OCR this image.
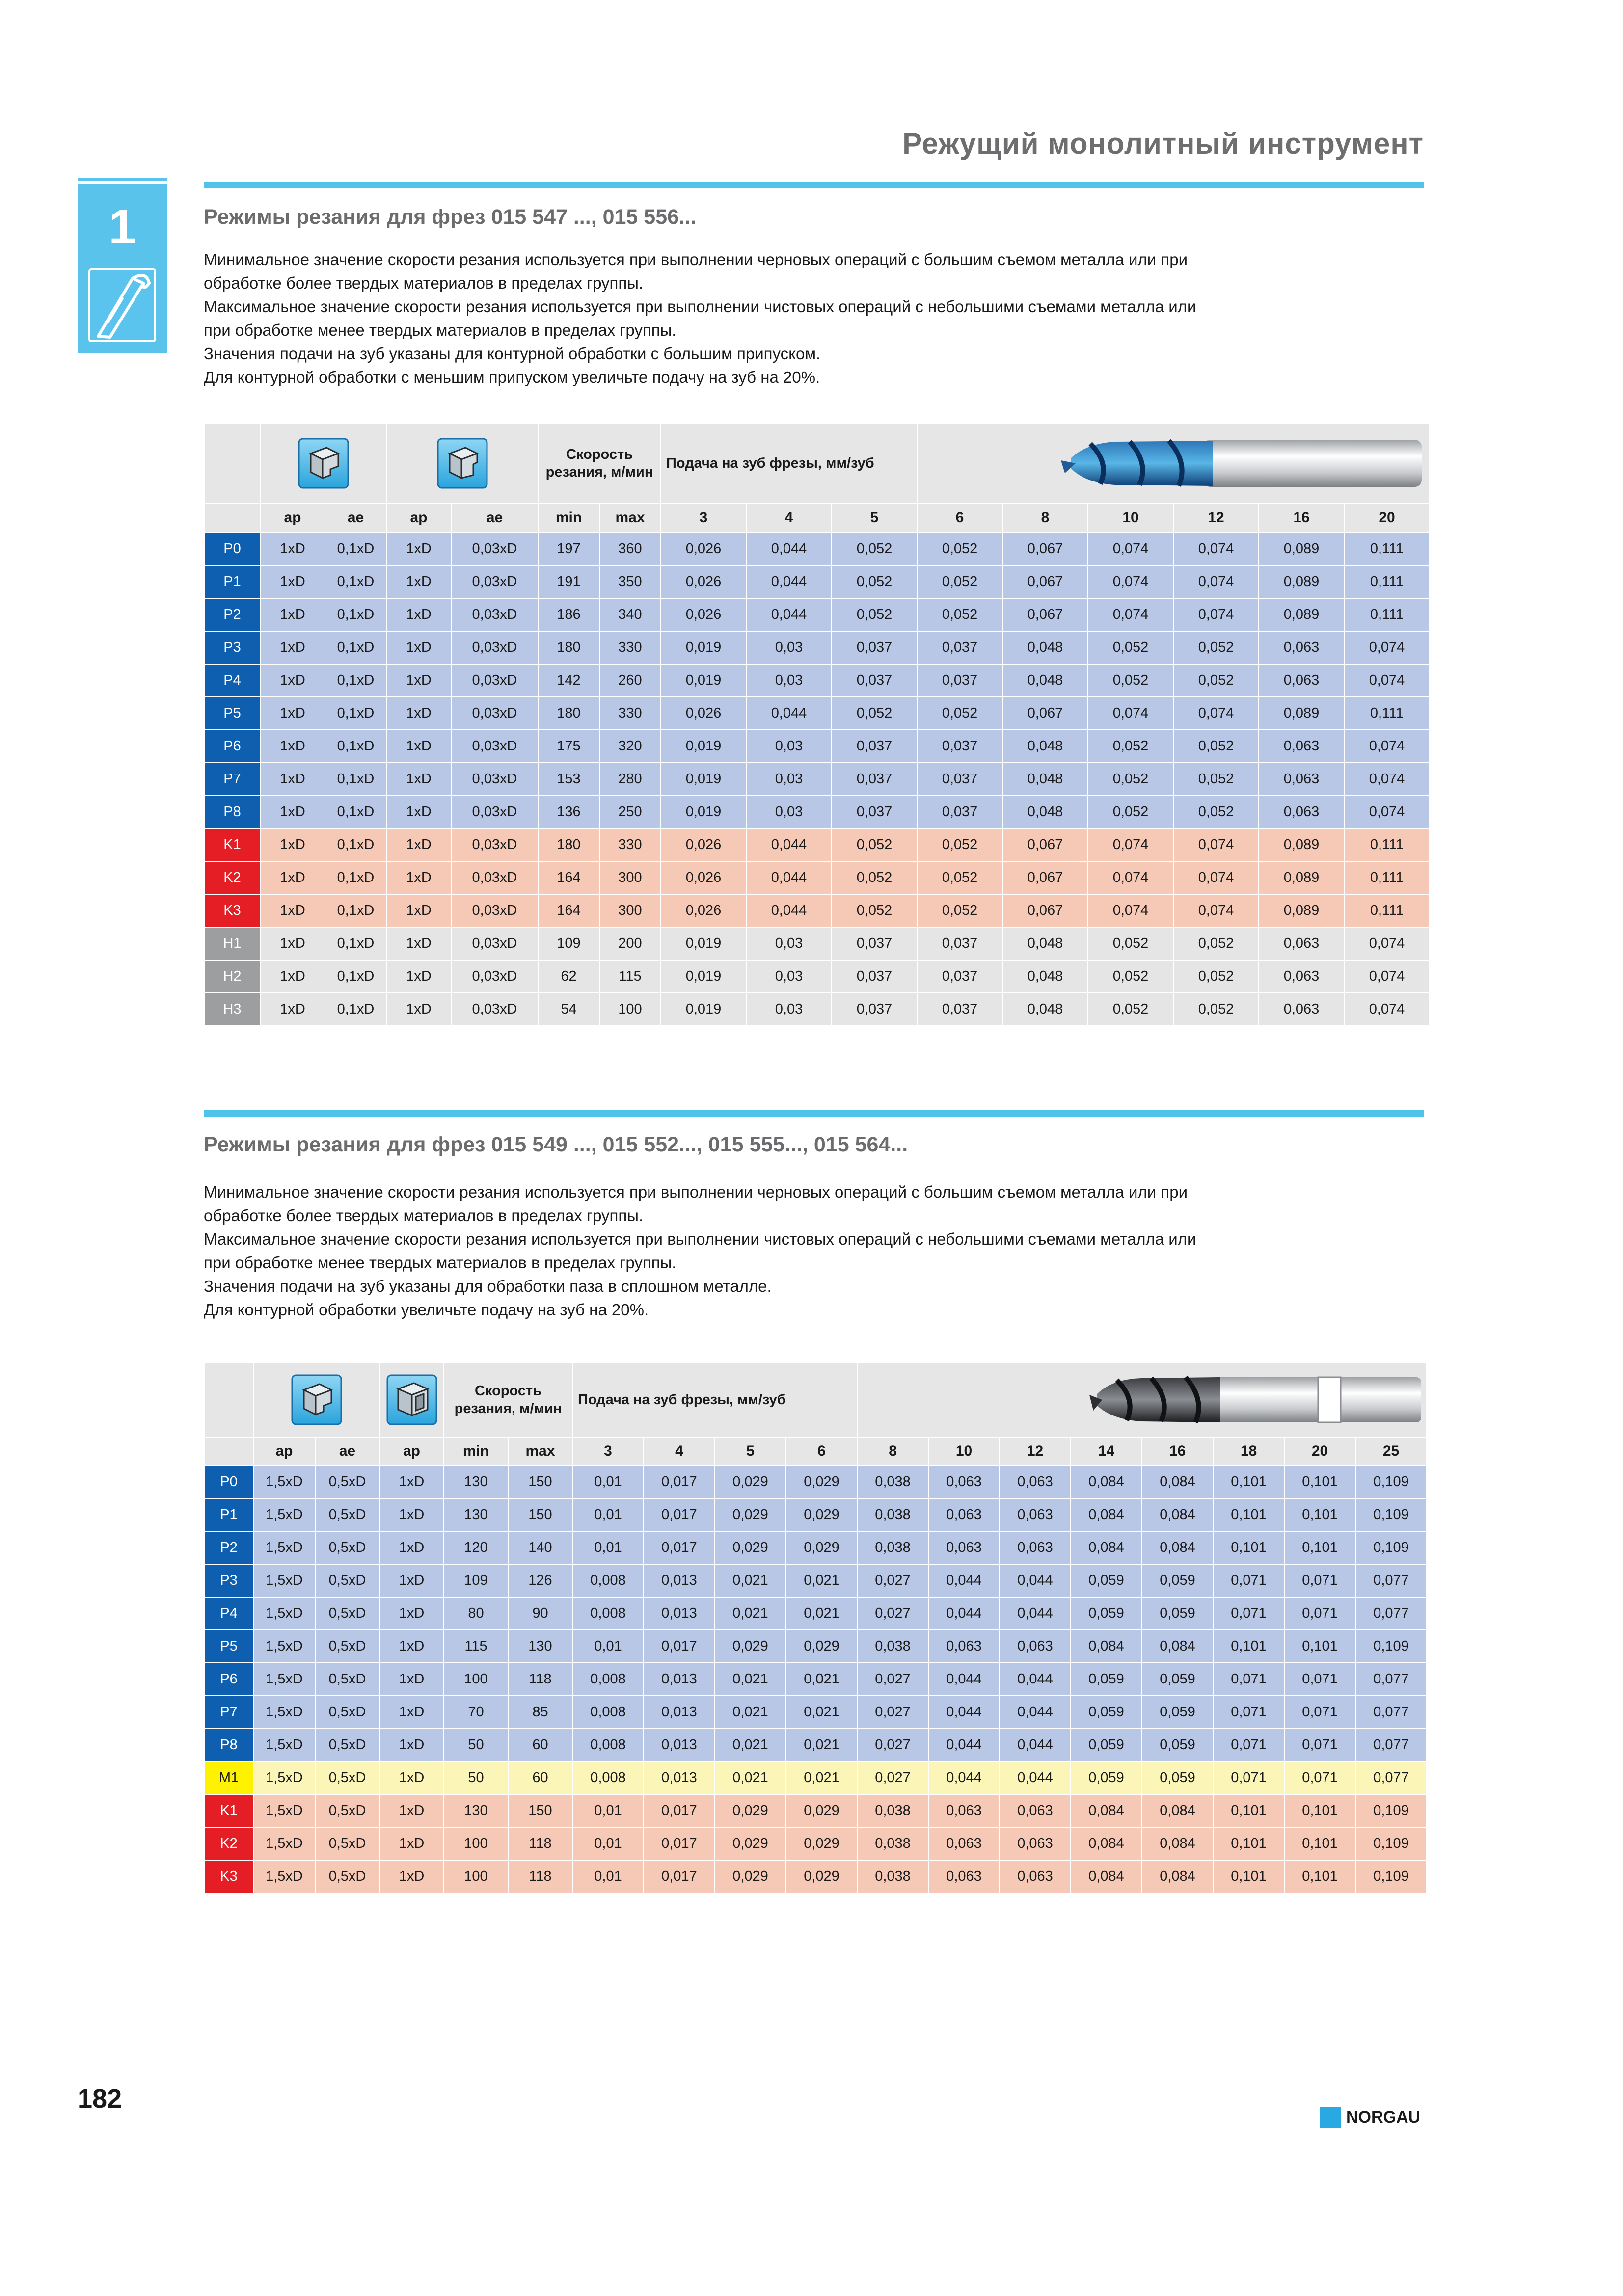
Режущий монолитный инструмент
1	Режимы резания для фрез 015 547 ..., 015 556...

Минимальное значение скорости резания используется при выполнении черновых операций с большим съемом металла или при

обработке более твердых материалов в пределах группы.

Максимальное значение скорости резания используется при выполнении чистовых операций с небольшими съемами металла или

при обработке менее твердых материалов в пределах группы.

Значения подачи на зуб указаны для контурной обработки с большим припуском.

Для контурной обработки с меньшим припуском увеличьте подачу на зуб на 20%.

	Скорость резания, м/мин		Подача на зуб фрезы, мм/зуб	

	ap	ae	ap	ae	min	max	3	4	5	6	8	10	12	16	20
P0	1xD	0,1xD	1xD	0,03xD	197	360	0,026	0,044	0,052	0,052	0,067	0,074	0,074	0,089	0,111
P1	1xD	0,1xD	1xD	0,03xD	191	350	0,026	0,044	0,052	0,052	0,067	0,074	0,074	0,089	0,111
P2	1xD	0,1xD	1xD	0,03xD	186	340	0,026	0,044	0,052	0,052	0,067	0,074	0,074	0,089	0,111
P3	1xD	0,1xD	1xD	0,03xD	180	330	0,019	0,03	0,037	0,037	0,048	0,052	0,052	0,063	0,074
P4	1xD	0,1xD	1xD	0,03xD	142	260	0,019	0,03	0,037	0,037	0,048	0,052	0,052	0,063	0,074
P5	1xD	0,1xD	1xD	0,03xD	180	330	0,026	0,044	0,052	0,052	0,067	0,074	0,074	0,089	0,111
P6	1xD	0,1xD	1xD	0,03xD	175	320	0,019	0,03	0,037	0,037	0,048	0,052	0,052	0,063	0,074
P7	1xD	0,1xD	1xD	0,03xD	153	280	0,019	0,03	0,037	0,037	0,048	0,052	0,052	0,063	0,074
P8	1xD	0,1xD	1xD	0,03xD	136	250	0,019	0,03	0,037	0,037	0,048	0,052	0,052	0,063	0,074
K1	1xD	0,1xD	1xD	0,03xD	180	330	0,026	0,044	0,052	0,052	0,067	0,074	0,074	0,089	0,111
K2	1xD	0,1xD	1xD	0,03xD	164	300	0,026	0,044	0,052	0,052	0,067	0,074	0,074	0,089	0,111
K3	1xD	0,1xD	1xD	0,03xD	164	300	0,026	0,044	0,052	0,052	0,067	0,074	0,074	0,089	0,111
H1	1xD	0,1xD	1xD	0,03xD	109	200	0,019	0,03	0,037	0,037	0,048	0,052	0,052	0,063	0,074
H2	1xD	0,1xD	1xD	0,03xD	62	115	0,019	0,03	0,037	0,037	0,048	0,052	0,052	0,063	0,074
H3	1xD	0,1xD	1xD	0,03xD	54	100	0,019	0,03	0,037	0,037	0,048	0,052	0,052	0,063	0,074
Режимы резания для фрез 015 549 ..., 015 552..., 015 555..., 015 564...

Минимальное значение скорости резания используется при выполнении черновых операций с большим съемом металла или при

обработке более твердых материалов в пределах группы.

Максимальное значение скорости резания используется при выполнении чистовых операций с небольшими съемами металла или

при обработке менее твердых материалов в пределах группы.

Значения подачи на зуб указаны для обработки паза в сплошном металле.

Для контурной обработки увеличьте подачу на зуб на 20%.

	Скорость резания, м/мин		Подача на зуб фрезы, мм/зуб	

	ap	ae	ap	min	max	3	4	5	6	8	10	12	14	16	18	20	25
P0	1,5xD	0,5xD	1xD	130	150	0,01	0,017	0,029	0,029	0,038	0,063	0,063	0,084	0,084	0,101	0,101	0,109
P1	1,5xD	0,5xD	1xD	130	150	0,01	0,017	0,029	0,029	0,038	0,063	0,063	0,084	0,084	0,101	0,101	0,109
P2	1,5xD	0,5xD	1xD	120	140	0,01	0,017	0,029	0,029	0,038	0,063	0,063	0,084	0,084	0,101	0,101	0,109
P3	1,5xD	0,5xD	1xD	109	126	0,008	0,013	0,021	0,021	0,027	0,044	0,044	0,059	0,059	0,071	0,071	0,077
P4	1,5xD	0,5xD	1xD	80	90	0,008	0,013	0,021	0,021	0,027	0,044	0,044	0,059	0,059	0,071	0,071	0,077
P5	1,5xD	0,5xD	1xD	115	130	0,01	0,017	0,029	0,029	0,038	0,063	0,063	0,084	0,084	0,101	0,101	0,109
P6	1,5xD	0,5xD	1xD	100	118	0,008	0,013	0,021	0,021	0,027	0,044	0,044	0,059	0,059	0,071	0,071	0,077
P7	1,5xD	0,5xD	1xD	70	85	0,008	0,013	0,021	0,021	0,027	0,044	0,044	0,059	0,059	0,071	0,071	0,077
P8	1,5xD	0,5xD	1xD	50	60	0,008	0,013	0,021	0,021	0,027	0,044	0,044	0,059	0,059	0,071	0,071	0,077
M1	1,5xD	0,5xD	1xD	50	60	0,008	0,013	0,021	0,021	0,027	0,044	0,044	0,059	0,059	0,071	0,071	0,077
K1	1,5xD	0,5xD	1xD	130	150	0,01	0,017	0,029	0,029	0,038	0,063	0,063	0,084	0,084	0,101	0,101	0,109
K2	1,5xD	0,5xD	1xD	100	118	0,01	0,017	0,029	0,029	0,038	0,063	0,063	0,084	0,084	0,101	0,101	0,109
K3	1,5xD	0,5xD	1xD	100	118	0,01	0,017	0,029	0,029	0,038	0,063	0,063	0,084	0,084	0,101	0,101	0,109
182
NORGAU
